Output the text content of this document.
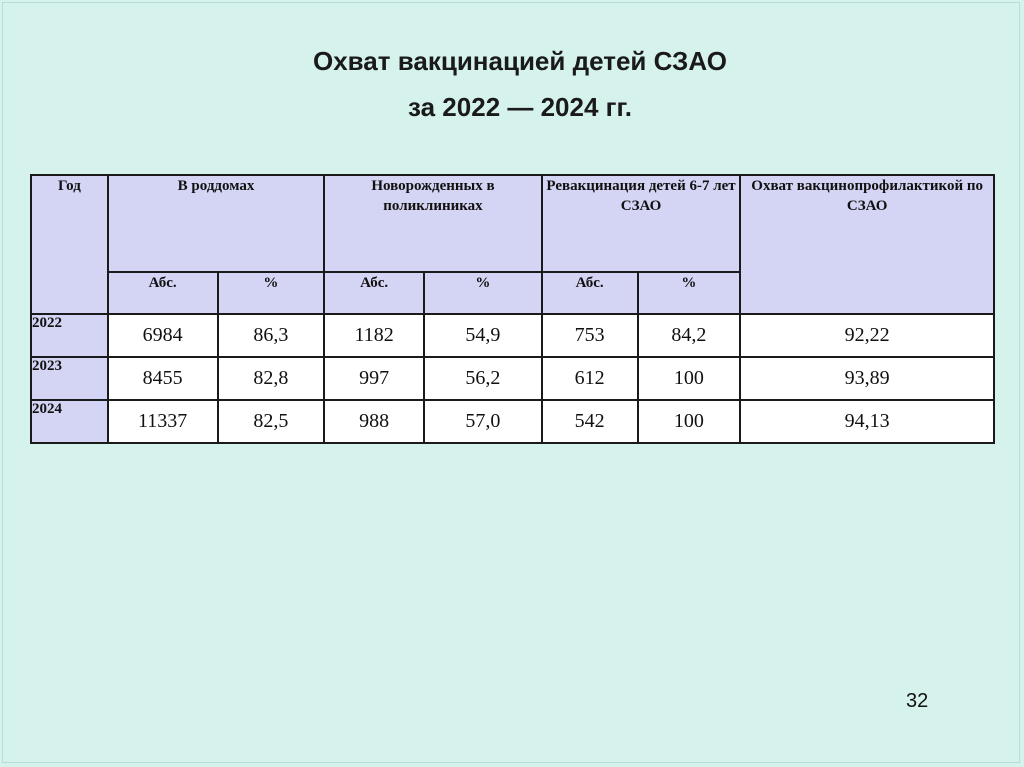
Охват вакцинацией детей СЗАО
за 2022 — 2024 гг.
Год	В роддомах		Новорожденных в поликлиниках		Ревакцинация детей 6-7 лет СЗАО		Охват вакцинопрофилактикой по СЗАО
	Абс.	%	Абс.	%	Абс.	%	
2022	6984	86,3	1182	54,9	753	84,2	92,22
2023	8455	82,8	997	56,2	612	100	93,89
2024	11337	82,5	988	57,0	542	100	94,13
32
